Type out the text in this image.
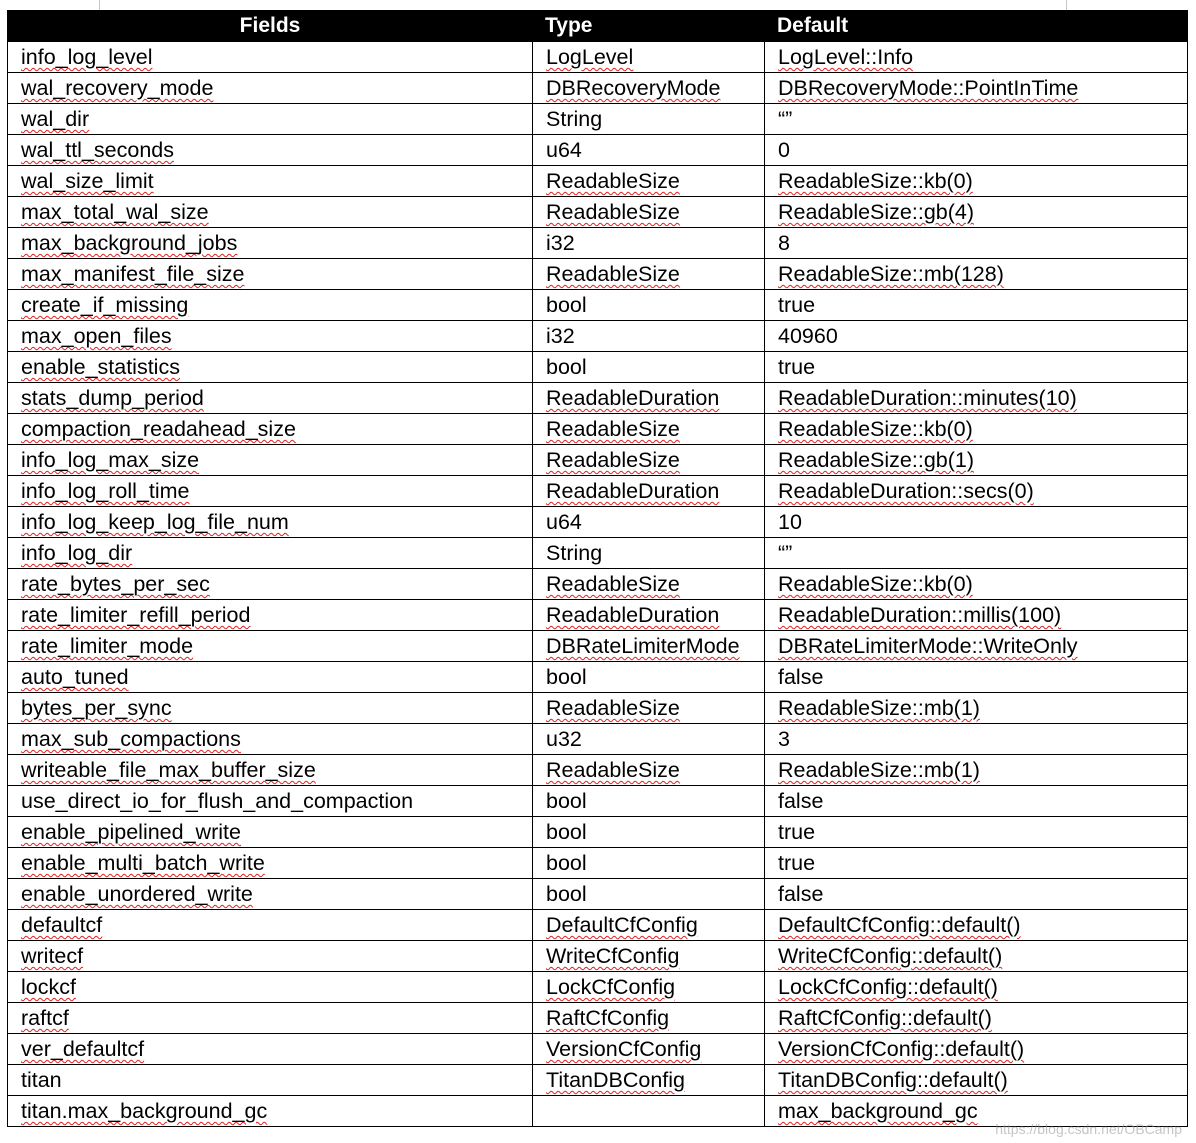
Fields	Type	Default
info_log_level	LogLevel	LogLevel::Info
wal_recovery_mode	DBRecoveryMode	DBRecoveryMode::PointInTime
wal_dir	String	“”
wal_ttl_seconds	u64	0
wal_size_limit	ReadableSize	ReadableSize::kb(0)
max_total_wal_size	ReadableSize	ReadableSize::gb(4)
max_background_jobs	i32	8
max_manifest_file_size	ReadableSize	ReadableSize::mb(128)
create_if_missing	bool	true
max_open_files	i32	40960
enable_statistics	bool	true
stats_dump_period	ReadableDuration	ReadableDuration::minutes(10)
compaction_readahead_size	ReadableSize	ReadableSize::kb(0)
info_log_max_size	ReadableSize	ReadableSize::gb(1)
info_log_roll_time	ReadableDuration	ReadableDuration::secs(0)
info_log_keep_log_file_num	u64	10
info_log_dir	String	“”
rate_bytes_per_sec	ReadableSize	ReadableSize::kb(0)
rate_limiter_refill_period	ReadableDuration	ReadableDuration::millis(100)
rate_limiter_mode	DBRateLimiterMode	DBRateLimiterMode::WriteOnly
auto_tuned	bool	false
bytes_per_sync	ReadableSize	ReadableSize::mb(1)
max_sub_compactions	u32	3
writeable_file_max_buffer_size	ReadableSize	ReadableSize::mb(1)
use_direct_io_for_flush_and_compaction	bool	false
enable_pipelined_write	bool	true
enable_multi_batch_write	bool	true
enable_unordered_write	bool	false
defaultcf	DefaultCfConfig	DefaultCfConfig::default()
writecf	WriteCfConfig	WriteCfConfig::default()
lockcf	LockCfConfig	LockCfConfig::default()
raftcf	RaftCfConfig	RaftCfConfig::default()
ver_defaultcf	VersionCfConfig	VersionCfConfig::default()
titan	TitanDBConfig	TitanDBConfig::default()
titan.max_background_gc		max_background_gc
https://blog.csdn.net/OBCamp
